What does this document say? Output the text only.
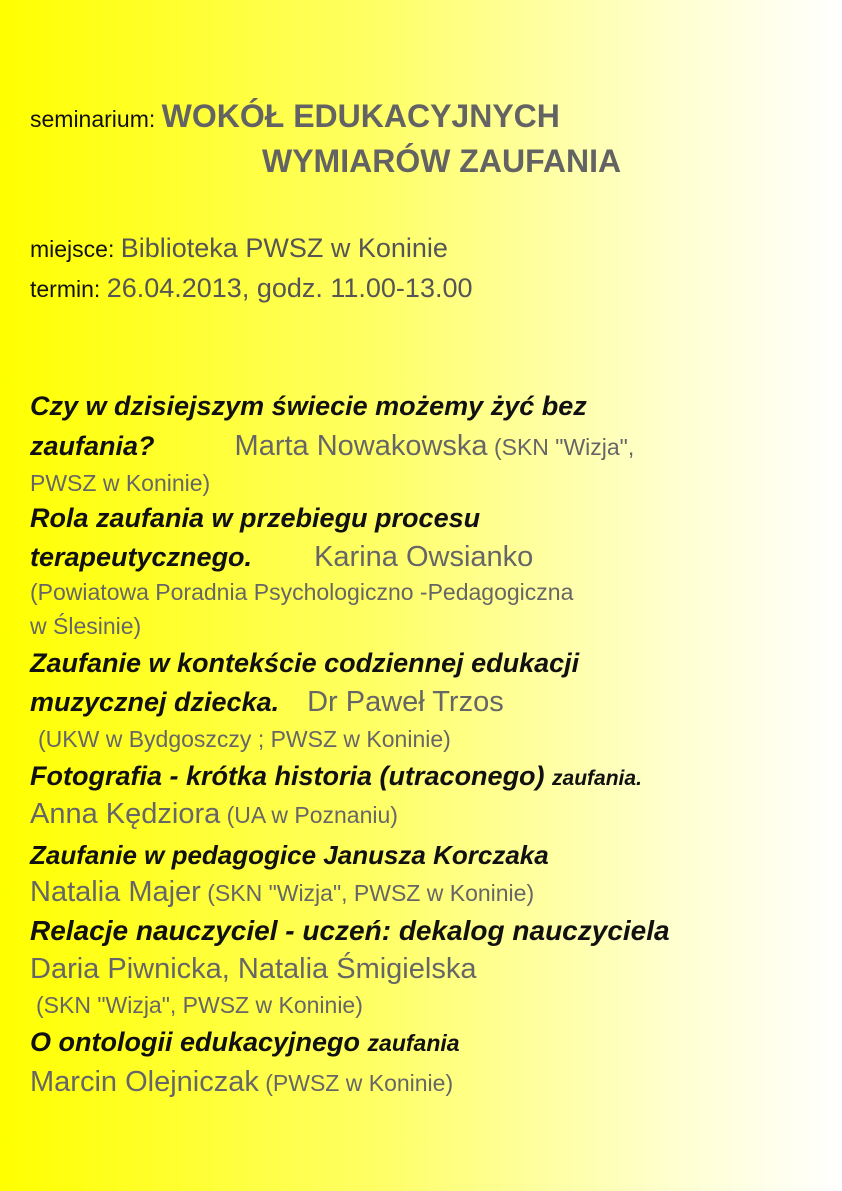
seminarium: WOKÓŁ EDUKACYJNYCH
WYMIARÓW ZAUFANIA
miejsce: Biblioteka PWSZ w Koninie
termin: 26.04.2013, godz. 11.00-13.00
Czy w dzisiejszym świecie możemy żyć bez
zaufania?	Marta Nowakowska (SKN "Wizja",
PWSZ w Koninie)
Rola zaufania w przebiegu procesu
terapeutycznego. Karina Owsianko
(Powiatowa Poradnia Psychologiczno -Pedagogiczna
w Ślesinie)
Zaufanie w kontekście codziennej edukacji
muzycznej dziecka. Dr Paweł Trzos
(UKW w Bydgoszczy ; PWSZ w Koninie)
Fotografia - krótka historia (utraconego) zaufania.
Anna Kędziora (UA w Poznaniu)
Zaufanie w pedagogice Janusza Korczaka
Natalia Majer (SKN "Wizja", PWSZ w Koninie)
Relacje nauczyciel - uczeń: dekalog nauczyciela
Daria Piwnicka, Natalia Śmigielska
(SKN "Wizja", PWSZ w Koninie)
O ontologii edukacyjnego zaufania
Marcin Olejniczak (PWSZ w Koninie)
